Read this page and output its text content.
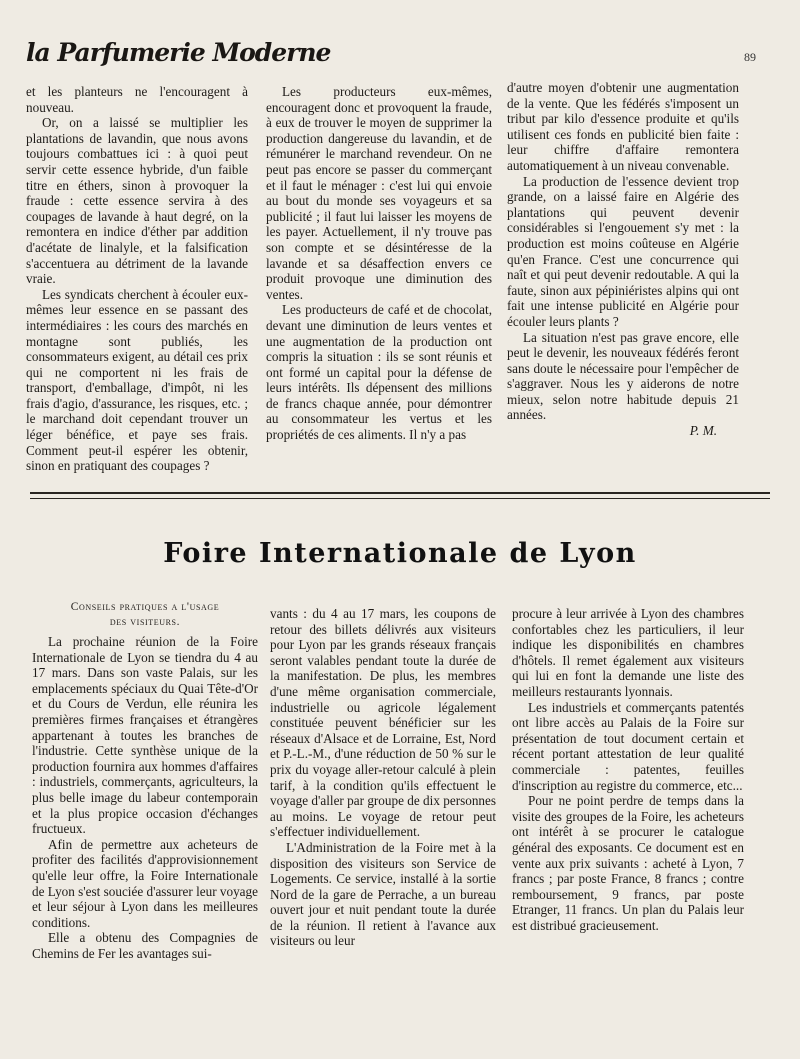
la Parfumerie Moderne	89

et les planteurs ne l'encouragent à nouveau.

Or, on a laissé se multiplier les plantations de lavandin, que nous avons toujours combattues ici : à quoi peut servir cette essence hybride, d'un faible titre en éthers, sinon à provoquer la fraude : cette essence servira à des coupages de lavande à haut degré, on la remontera en indice d'éther par addition d'acétate de linalyle, et la falsification s'accentuera au détriment de la lavande vraie.

Les syndicats cherchent à écouler eux-mêmes leur essence en se passant des intermédiaires : les cours des marchés en montagne sont publiés, les consommateurs exigent, au détail ces prix qui ne comportent ni les frais de transport, d'emballage, d'impôt, ni les frais d'agio, d'assurance, les risques, etc. ; le marchand doit cependant trouver un léger bénéfice, et paye ses frais. Comment peut-il espérer les obtenir, sinon en pratiquant des coupages ?

Les producteurs eux-mêmes, encouragent donc et provoquent la fraude, à eux de trouver le moyen de supprimer la production dangereuse du lavandin, et de rémunérer le marchand revendeur. On ne peut pas encore se passer du commerçant et il faut le ménager : c'est lui qui envoie au bout du monde ses voyageurs et sa publicité ; il faut lui laisser les moyens de les payer. Actuellement, il n'y trouve pas son compte et se désintéresse de la lavande et sa désaffection envers ce produit provoque une diminution des ventes.

Les producteurs de café et de chocolat, devant une diminution de leurs ventes et une augmentation de la production ont compris la situation : ils se sont réunis et ont formé un capital pour la défense de leurs intérêts. Ils dépensent des millions de francs chaque année, pour démontrer au consommateur les vertus et les propriétés de ces aliments. Il n'y a pas

d'autre moyen d'obtenir une augmentation de la vente. Que les fédérés s'imposent un tribut par kilo d'essence produite et qu'ils utilisent ces fonds en publicité bien faite : leur chiffre d'affaire remontera automatiquement à un niveau convenable.

La production de l'essence devient trop grande, on a laissé faire en Algérie des plantations qui peuvent devenir considérables si l'engouement s'y met : la production est moins coûteuse en Algérie qu'en France. C'est une concurrence qui naît et qui peut devenir redoutable. A qui la faute, sinon aux pépiniéristes alpins qui ont fait une intense publicité en Algérie pour écouler leurs plants ?

La situation n'est pas grave encore, elle peut le devenir, les nouveaux fédérés feront sans doute le nécessaire pour l'empêcher de s'aggraver. Nous les y aiderons de notre mieux, selon notre habitude depuis 21 années.

P. M.
Foire Internationale de Lyon
Conseils pratiques a l'usage
des visiteurs.

La prochaine réunion de la Foire Internationale de Lyon se tiendra du 4 au 17 mars. Dans son vaste Palais, sur les emplacements spéciaux du Quai Tête-d'Or et du Cours de Verdun, elle réunira les premières firmes françaises et étrangères appartenant à toutes les branches de l'industrie. Cette synthèse unique de la production fournira aux hommes d'affaires : industriels, commerçants, agriculteurs, la plus belle image du labeur contemporain et la plus propice occasion d'échanges fructueux.

Afin de permettre aux acheteurs de profiter des facilités d'approvisionnement qu'elle leur offre, la Foire Internationale de Lyon s'est souciée d'assurer leur voyage et leur séjour à Lyon dans les meilleures conditions.

Elle a obtenu des Compagnies de Chemins de Fer les avantages sui-

vants : du 4 au 17 mars, les coupons de retour des billets délivrés aux visiteurs pour Lyon par les grands réseaux français seront valables pendant toute la durée de la manifestation. De plus, les membres d'une même organisation commerciale, industrielle ou agricole légalement constituée peuvent bénéficier sur les réseaux d'Alsace et de Lorraine, Est, Nord et P.-L.-M., d'une réduction de 50 % sur le prix du voyage aller-retour calculé à plein tarif, à la condition qu'ils effectuent le voyage d'aller par groupe de dix personnes au moins. Le voyage de retour peut s'effectuer individuellement.

L'Administration de la Foire met à la disposition des visiteurs son Service de Logements. Ce service, installé à la sortie Nord de la gare de Perrache, a un bureau ouvert jour et nuit pendant toute la durée de la réunion. Il retient à l'avance aux visiteurs ou leur

procure à leur arrivée à Lyon des chambres confortables chez les particuliers, il leur indique les disponibilités en chambres d'hôtels. Il remet également aux visiteurs qui lui en font la demande une liste des meilleurs restaurants lyonnais.

Les industriels et commerçants patentés ont libre accès au Palais de la Foire sur présentation de tout document certain et récent portant attestation de leur qualité commerciale : patentes, feuilles d'inscription au registre du commerce, etc...

Pour ne point perdre de temps dans la visite des groupes de la Foire, les acheteurs ont intérêt à se procurer le catalogue général des exposants. Ce document est en vente aux prix suivants : acheté à Lyon, 7 francs ; par poste France, 8 francs ; contre remboursement, 9 francs, par poste Etranger, 11 francs. Un plan du Palais leur est distribué gracieusement.
